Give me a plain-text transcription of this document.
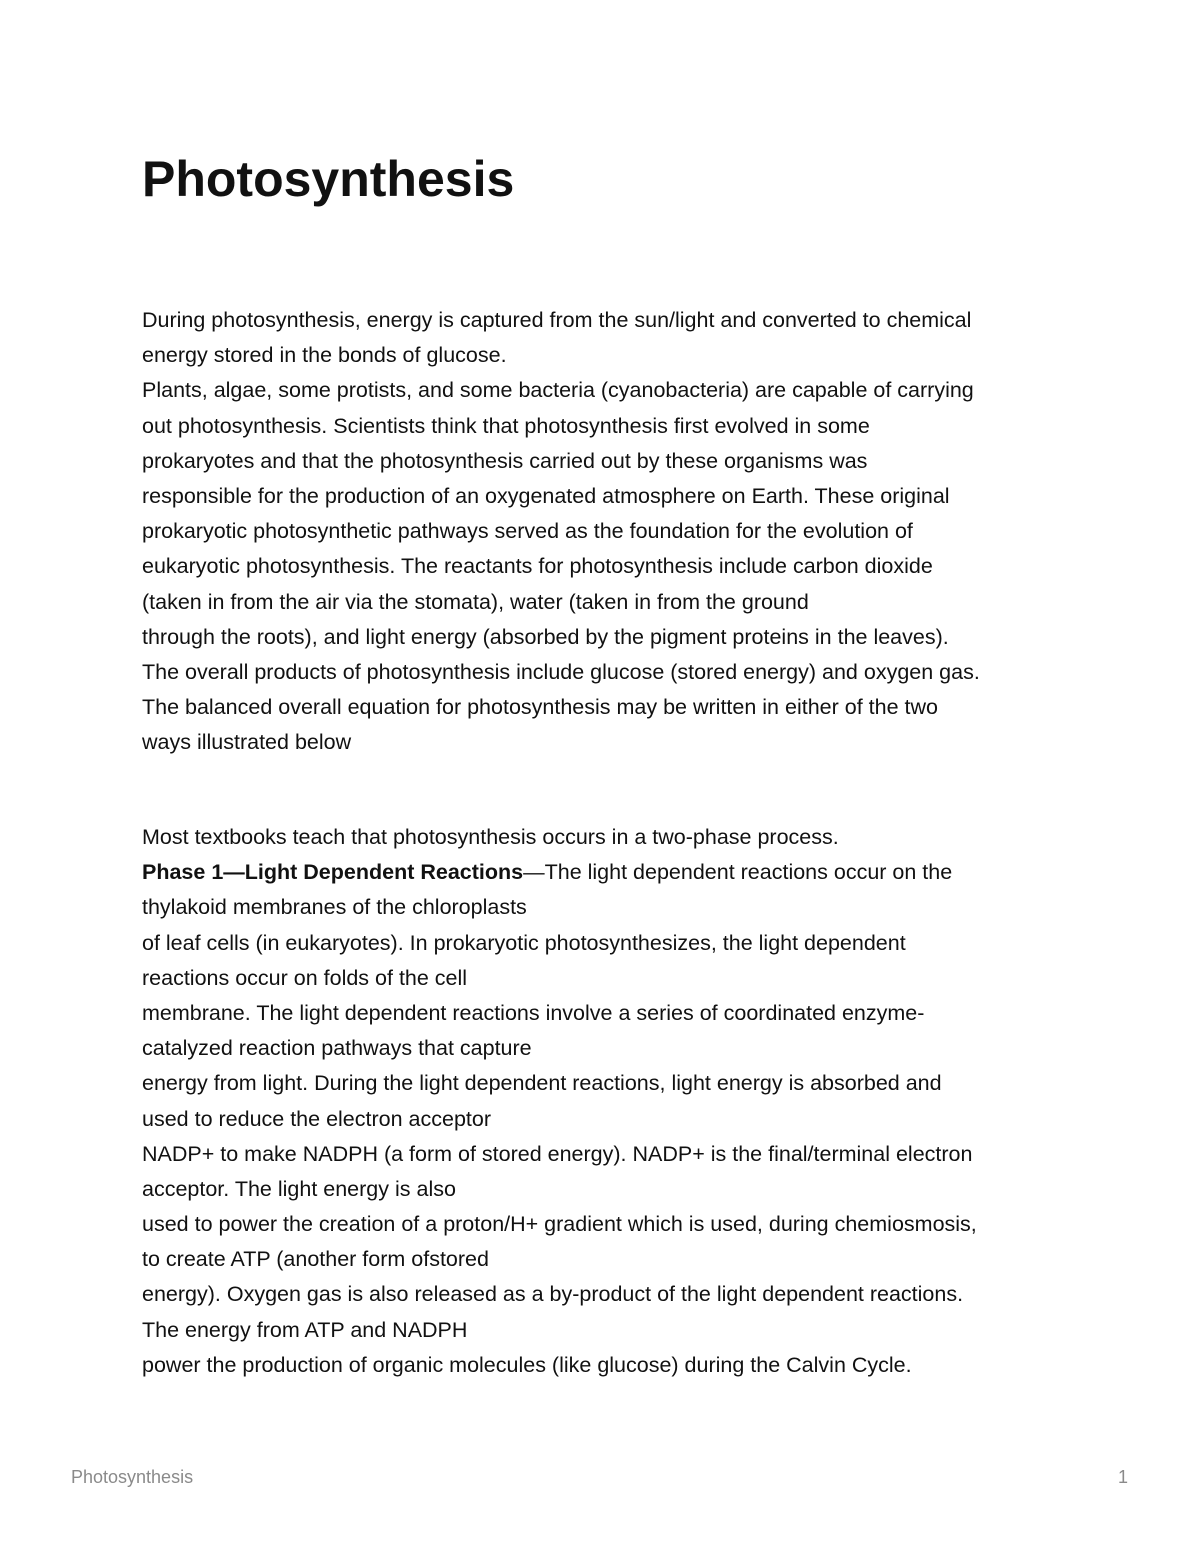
Photosynthesis
During photosynthesis, energy is captured from the sun/light and converted to chemical
energy stored in the bonds of glucose.
Plants, algae, some protists, and some bacteria (cyanobacteria) are capable of carrying
out photosynthesis. Scientists think that photosynthesis first evolved in some
prokaryotes and that the photosynthesis carried out by these organisms was
responsible for the production of an oxygenated atmosphere on Earth. These original
prokaryotic photosynthetic pathways served as the foundation for the evolution of
eukaryotic photosynthesis. The reactants for photosynthesis include carbon dioxide
(taken in from the air via the stomata), water (taken in from the ground
through the roots), and light energy (absorbed by the pigment proteins in the leaves).
The overall products of photosynthesis include glucose (stored energy) and oxygen gas.
The balanced overall equation for photosynthesis may be written in either of the two
ways illustrated below
Most textbooks teach that photosynthesis occurs in a two-phase process.
Phase 1—Light Dependent Reactions—The light dependent reactions occur on the
thylakoid membranes of the chloroplasts
of leaf cells (in eukaryotes). In prokaryotic photosynthesizes, the light dependent
reactions occur on folds of the cell
membrane. The light dependent reactions involve a series of coordinated enzyme-
catalyzed reaction pathways that capture
energy from light. During the light dependent reactions, light energy is absorbed and
used to reduce the electron acceptor
NADP+ to make NADPH (a form of stored energy). NADP+ is the final/terminal electron
acceptor. The light energy is also
used to power the creation of a proton/H+ gradient which is used, during chemiosmosis,
to create ATP (another form ofstored
energy). Oxygen gas is also released as a by-product of the light dependent reactions.
The energy from ATP and NADPH
power the production of organic molecules (like glucose) during the Calvin Cycle.
Photosynthesis	1
